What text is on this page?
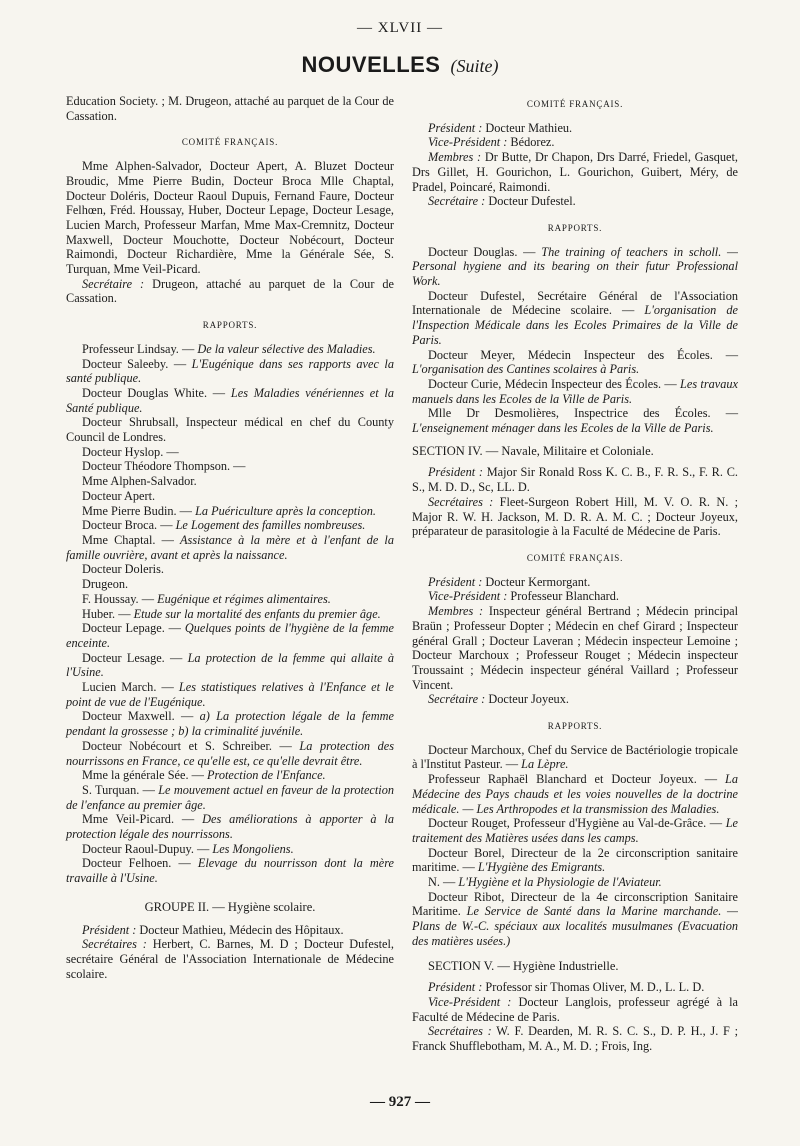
— XLVII —
NOUVELLES (Suite)

Education Society. ; M. Drugeon, attaché au parquet de la Cour de Cassation.

COMITÉ FRANÇAIS.

Mme Alphen-Salvador, Docteur Apert, A. Bluzet Docteur Broudic, Mme Pierre Budin, Docteur Broca Mlle Chaptal, Docteur Doléris, Docteur Raoul Dupuis, Fernand Faure, Docteur Felhœn, Fréd. Houssay, Huber, Docteur Lepage, Docteur Lesage, Lucien March, Professeur Marfan, Mme Max-Cremnitz, Docteur Maxwell, Docteur Mouchotte, Docteur Nobécourt, Docteur Raimondi, Docteur Richardière, Mme la Générale Sée, S. Turquan, Mme Veil-Picard.

Secrétaire : Drugeon, attaché au parquet de la Cour de Cassation.

RAPPORTS.

Professeur Lindsay. — De la valeur sélective des Maladies.

Docteur Saleeby. — L'Eugénique dans ses rapports avec la santé publique.

Docteur Douglas White. — Les Maladies vénériennes et la Santé publique.

Docteur Shrubsall, Inspecteur médical en chef du County Council de Londres.

Docteur Hyslop. —

Docteur Théodore Thompson. —

Mme Alphen-Salvador.

Docteur Apert.

Mme Pierre Budin. — La Puériculture après la conception.

Docteur Broca. — Le Logement des familles nombreuses.

Mme Chaptal. — Assistance à la mère et à l'enfant de la famille ouvrière, avant et après la naissance.

Docteur Doleris.

Drugeon.

F. Houssay. — Eugénique et régimes alimentaires.

Huber. — Etude sur la mortalité des enfants du premier âge.

Docteur Lepage. — Quelques points de l'hygiène de la femme enceinte.

Docteur Lesage. — La protection de la femme qui allaite à l'Usine.

Lucien March. — Les statistiques relatives à l'Enfance et le point de vue de l'Eugénique.

Docteur Maxwell. — a) La protection légale de la femme pendant la grossesse ; b) la criminalité juvénile.

Docteur Nobécourt et S. Schreiber. — La protection des nourrissons en France, ce qu'elle est, ce qu'elle devrait être.

Mme la générale Sée. — Protection de l'Enfance.

S. Turquan. — Le mouvement actuel en faveur de la protection de l'enfance au premier âge.

Mme Veil-Picard. — Des améliorations à apporter à la protection légale des nourrissons.

Docteur Raoul-Dupuy. — Les Mongoliens.

Docteur Felhoen. — Elevage du nourrisson dont la mère travaille à l'Usine.

GROUPE II. — Hygiène scolaire.

Président : Docteur Mathieu, Médecin des Hôpitaux.

Secrétaires : Herbert, C. Barnes, M. D ; Docteur Dufestel, secrétaire Général de l'Association Internationale de Médecine scolaire.

COMITÉ FRANÇAIS.

Président : Docteur Mathieu.

Vice-Président : Bédorez.

Membres : Dr Butte, Dr Chapon, Drs Darré, Friedel, Gasquet, Drs Gillet, H. Gourichon, L. Gourichon, Guibert, Méry, de Pradel, Poincaré, Raimondi.

Secrétaire : Docteur Dufestel.

RAPPORTS.

Docteur Douglas. — The training of teachers in scholl. — Personal hygiene and its bearing on their futur Professional Work.

Docteur Dufestel, Secrétaire Général de l'Association Internationale de Médecine scolaire. — L'organisation de l'Inspection Médicale dans les Ecoles Primaires de la Ville de Paris.

Docteur Meyer, Médecin Inspecteur des Écoles. — L'organisation des Cantines scolaires à Paris.

Docteur Curie, Médecin Inspecteur des Écoles. — Les travaux manuels dans les Ecoles de la Ville de Paris.

Mlle Dr Desmolières, Inspectrice des Écoles. — L'enseignement ménager dans les Ecoles de la Ville de Paris.

SECTION IV. — Navale, Militaire et Coloniale.

Président : Major Sir Ronald Ross K. C. B., F. R. S., F. R. C. S., M. D. D., Sc, LL. D.

Secrétaires : Fleet-Surgeon Robert Hill, M. V. O. R. N. ; Major R. W. H. Jackson, M. D. R. A. M. C. ; Docteur Joyeux, préparateur de parasitologie à la Faculté de Médecine de Paris.

COMITÉ FRANÇAIS.

Président : Docteur Kermorgant.

Vice-Président : Professeur Blanchard.

Membres : Inspecteur général Bertrand ; Médecin principal Braün ; Professeur Dopter ; Médecin en chef Girard ; Inspecteur général Grall ; Docteur Laveran ; Médecin inspecteur Lemoine ; Docteur Marchoux ; Professeur Rouget ; Médecin inspecteur Troussaint ; Médecin inspecteur général Vaillard ; Professeur Vincent.

Secrétaire : Docteur Joyeux.

RAPPORTS.

Docteur Marchoux, Chef du Service de Bactériologie tropicale à l'Institut Pasteur. — La Lèpre.

Professeur Raphaël Blanchard et Docteur Joyeux. — La Médecine des Pays chauds et les voies nouvelles de la doctrine médicale. — Les Arthropodes et la transmission des Maladies.

Docteur Rouget, Professeur d'Hygiène au Val-de-Grâce. — Le traitement des Matières usées dans les camps.

Docteur Borel, Directeur de la 2e circonscription sanitaire maritime. — L'Hygiène des Emigrants.

N. — L'Hygiène et la Physiologie de l'Aviateur.

Docteur Ribot, Directeur de la 4e circonscription Sanitaire Maritime. Le Service de Santé dans la Marine marchande. — Plans de W.-C. spéciaux aux localités musulmanes (Evacuation des matières usées.)

SECTION V. — Hygiène Industrielle.

Président : Professor sir Thomas Oliver, M. D., L. L. D.

Vice-Président : Docteur Langlois, professeur agrégé à la Faculté de Médecine de Paris.

Secrétaires : W. F. Dearden, M. R. S. C. S., D. P. H., J. F ; Franck Shufflebotham, M. A., M. D. ; Frois, Ing.

— 927 —
